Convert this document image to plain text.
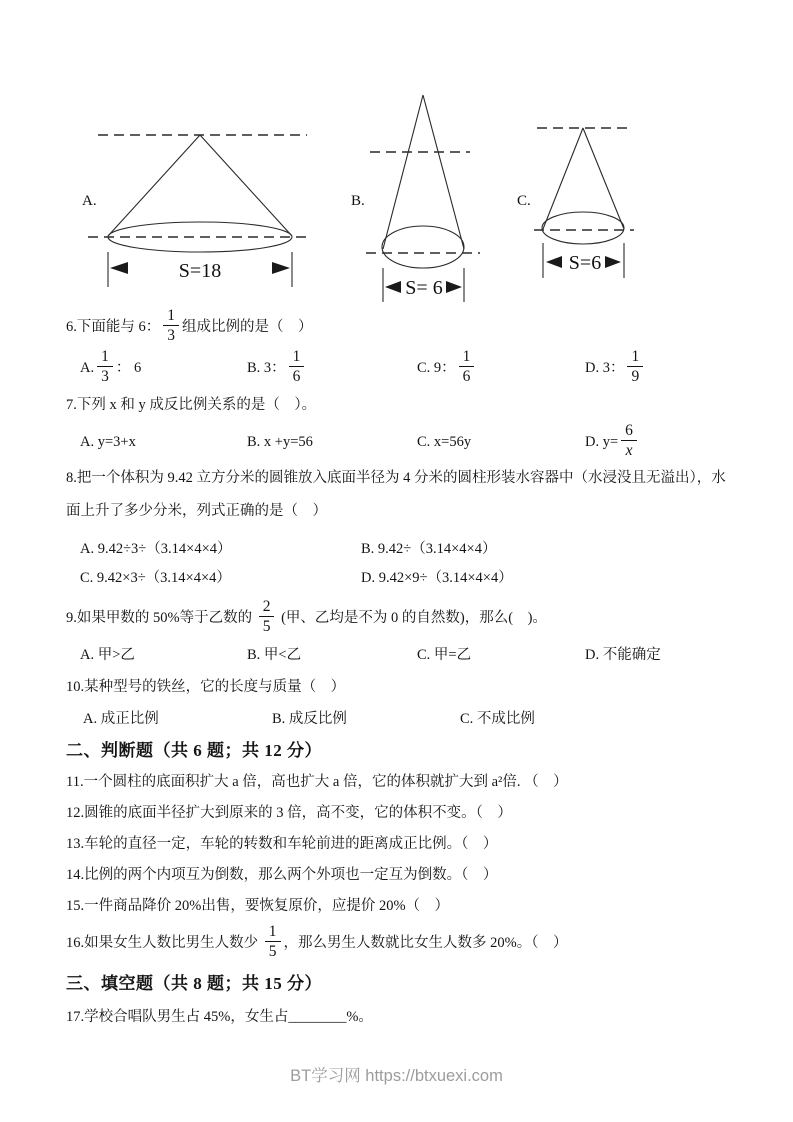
A.
S=18
B.
S= 6
C.
S=6
6.下面能与 6： $\frac{1}{3}$ 组成比例的是（　）
A. $\frac{1}{3}$ ： 6	B. 3： $\frac{1}{6}$	C. 9： $\frac{1}{6}$	D. 3： $\frac{1}{9}$
7.下列 x 和 y 成反比例关系的是（　）。
A. y=3+x	B. x +y=56	C. x=56y	D. $y= \frac{6}{x}$
8.把一个体积为 9.42 立方分米的圆锥放入底面半径为 4 分米的圆柱形装水容器中（水浸没且无溢出），水面上升了多少分米，列式正确的是（　）
A. 9.42÷3÷（3.14×4×4）	B. 9.42÷（3.14×4×4）
C. 9.42×3÷（3.14×4×4）	D. 9.42×9÷（3.14×4×4）
9.如果甲数的 50%等于乙数的 $\frac{2}{5}$ (甲、乙均是不为 0 的自然数)，那么(　)。
A. 甲>乙	B. 甲<乙	C. 甲=乙	D. 不能确定
10.某种型号的铁丝，它的长度与质量（　）
A. 成正比例	B. 成反比例	C. 不成比例
二、判断题（共 6 题；共 12 分）
11.一个圆柱的底面积扩大 a 倍，高也扩大 a 倍，它的体积就扩大到 a²倍. （　）
12.圆锥的底面半径扩大到原来的 3 倍，高不变，它的体积不变。（　）
13.车轮的直径一定，车轮的转数和车轮前进的距离成正比例。（　）
14.比例的两个内项互为倒数，那么两个外项也一定互为倒数。（　）
15.一件商品降价 20%出售，要恢复原价，应提价 20%（　）
16.如果女生人数比男生人数少 $\frac{1}{5}$ ，那么男生人数就比女生人数多 20%。（　）
三、填空题（共 8 题；共 15 分）
17.学校合唱队男生占 45%，女生占________%。
BT学习网 https://btxuexi.com
